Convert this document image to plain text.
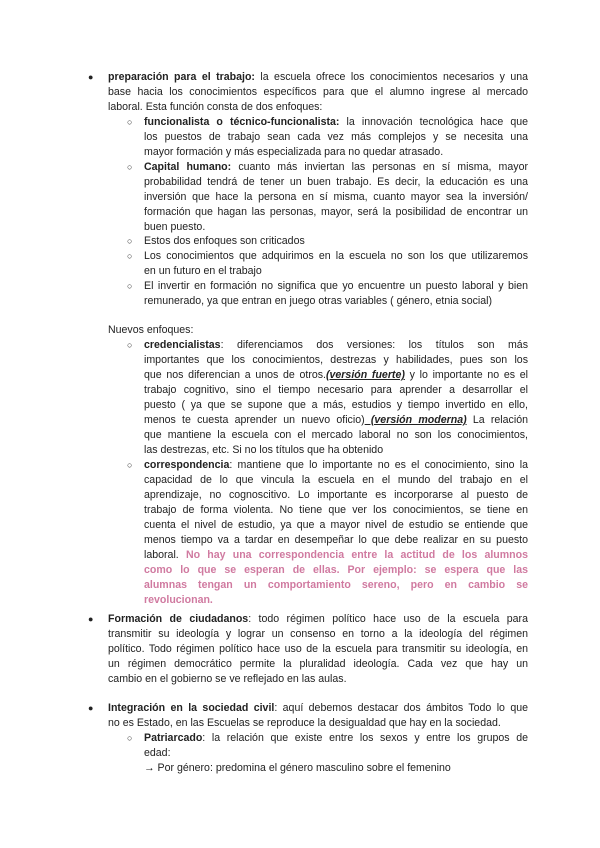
● preparación para el trabajo: la escuela ofrece los conocimientos necesarios y una
base hacia los conocimientos específicos para que el alumno ingrese al mercado
laboral. Esta función consta de dos enfoques:
○ funcionalista o técnico-funcionalista: la innovación tecnológica hace que
los puestos de trabajo sean cada vez más complejos y se necesita una
mayor formación y más especializada para no quedar atrasado.
○ Capital humano: cuanto más inviertan las personas en sí misma, mayor
probabilidad tendrá de tener un buen trabajo. Es decir, la educación es una
inversión que hace la persona en sí misma, cuanto mayor sea la inversión/
formación que hagan las personas, mayor, será la posibilidad de encontrar un
buen puesto.
○ Estos dos enfoques son criticados
○ Los conocimientos que adquirimos en la escuela no son los que utilizaremos
en un futuro en el trabajo
○ El invertir en formación no significa que yo encuentre un puesto laboral y bien
remunerado, ya que entran en juego otras variables ( género, etnia social)
Nuevos enfoques:
○ credencialistas: diferenciamos dos versiones: los títulos son más
importantes que los conocimientos, destrezas y habilidades, pues son los
que nos diferencian a unos de otros.(versión fuerte) y lo importante no es el
trabajo cognitivo, sino el tiempo necesario para aprender a desarrollar el
puesto ( ya que se supone que a más, estudios y tiempo invertido en ello,
menos te cuesta aprender un nuevo oficio) (versión moderna) La relación
que mantiene la escuela con el mercado laboral no son los conocimientos,
las destrezas, etc. Si no los títulos que ha obtenido
○ correspondencia: mantiene que lo importante no es el conocimiento, sino la
capacidad de lo que vincula la escuela en el mundo del trabajo en el
aprendizaje, no cognoscitivo. Lo importante es incorporarse al puesto de
trabajo de forma violenta. No tiene que ver los conocimientos, se tiene en
cuenta el nivel de estudio, ya que a mayor nivel de estudio se entiende que
menos tiempo va a tardar en desempeñar lo que debe realizar en su puesto
laboral. No hay una correspondencia entre la actitud de los alumnos
como lo que se esperan de ellas. Por ejemplo: se espera que las
alumnas tengan un comportamiento sereno, pero en cambio se
revolucionan.
● Formación de ciudadanos: todo régimen político hace uso de la escuela para
transmitir su ideología y lograr un consenso en torno a la ideología del régimen
político. Todo régimen político hace uso de la escuela para transmitir su ideología, en
un régimen democrático permite la pluralidad ideología. Cada vez que hay un
cambio en el gobierno se ve reflejado en las aulas.
● Integración en la sociedad civil: aquí debemos destacar dos ámbitos Todo lo que
no es Estado, en las Escuelas se reproduce la desigualdad que hay en la sociedad.
○ Patriarcado: la relación que existe entre los sexos y entre los grupos de
edad:
→ Por género: predomina el género masculino sobre el femenino
